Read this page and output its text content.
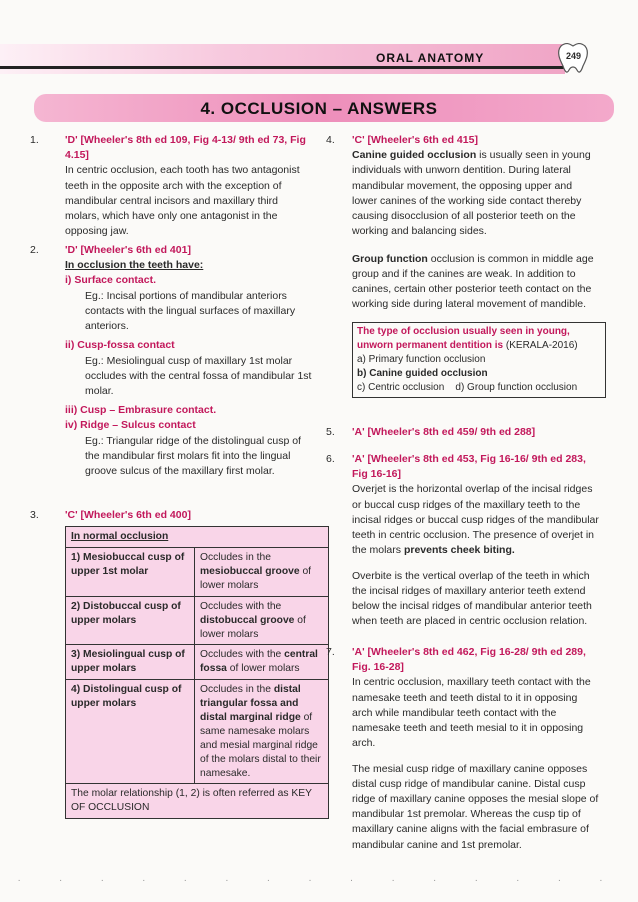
ORAL ANATOMY	249
4. OCCLUSION – ANSWERS
1.	'D' [Wheeler's 8th ed 109, Fig 4-13/ 9th ed 73, Fig 4.15]

In centric occlusion, each tooth has two antagonist teeth in the opposite arch with the exception of mandibular central incisors and maxillary third molars, which have only one antagonist in the opposing jaw.

2.	'D' [Wheeler's 6th ed 401]

In occlusion the teeth have:

i) Surface contact.

Eg.: Incisal portions of mandibular anteriors contacts with the lingual surfaces of maxillary anteriors.

ii) Cusp-fossa contact

Eg.: Mesiolingual cusp of maxillary 1st molar occludes with the central fossa of mandibular 1st molar.

iii) Cusp – Embrasure contact.

iv) Ridge – Sulcus contact

Eg.: Triangular ridge of the distolingual cusp of the mandibular first molars fit into the lingual groove sulcus of the maxillary first molar.

3.	'C' [Wheeler's 6th ed 400]

In normal occlusion	
1) Mesiobuccal cusp of upper 1st molar	Occludes in the mesiobuccal groove of lower molars
2) Distobuccal cusp of upper molars	Occludes with the distobuccal groove of lower molars
3) Mesiolingual cusp of upper molars	Occludes with the central fossa of lower molars
4) Distolingual cusp of upper molars	Occludes in the distal triangular fossa and distal marginal ridge of same namesake molars and mesial marginal ridge of the molars distal to their namesake.
The molar relationship (1, 2) is often referred as KEY OF OCCLUSION	
4.	'C' [Wheeler's 6th ed 415]

Canine guided occlusion is usually seen in young individuals with unworn dentition. During lateral mandibular movement, the opposing upper and lower canines of the working side contact thereby causing disocclusion of all posterior teeth on the working and balancing sides.

Group function occlusion is common in middle age group and if the canines are weak. In addition to canines, certain other posterior teeth contact on the working side during lateral movement of mandible.

The type of occlusion usually seen in young, unworn permanent dentition is (KERALA-2016)
a) Primary function occlusion
b) Canine guided occlusion
c) Centric occlusion d) Group function occlusion
5.	'A' [Wheeler's 8th ed 459/ 9th ed 288]

6.	'A' [Wheeler's 8th ed 453, Fig 16-16/ 9th ed 283, Fig 16-16]

Overjet is the horizontal overlap of the incisal ridges or buccal cusp ridges of the maxillary teeth to the incisal ridges or buccal cusp ridges of the mandibular teeth in centric occlusion. The presence of overjet in the molars prevents cheek biting.

Overbite is the vertical overlap of the teeth in which the incisal ridges of maxillary anterior teeth extend below the incisal ridges of mandibular anterior teeth when teeth are placed in centric occlusion relation.

7.	'A' [Wheeler's 8th ed 462, Fig 16-28/ 9th ed 289, Fig. 16-28]

In centric occlusion, maxillary teeth contact with the namesake teeth and teeth distal to it in opposing arch while mandibular teeth contact with the namesake teeth and teeth mesial to it in opposing arch.

The mesial cusp ridge of maxillary canine opposes distal cusp ridge of mandibular canine. Distal cusp ridge of maxillary canine opposes the mesial slope of mandibular 1st premolar. Whereas the cusp tip of maxillary canine aligns with the facial embrasure of mandibular canine and 1st premolar.

. . . . . . . . . . . . . . .
